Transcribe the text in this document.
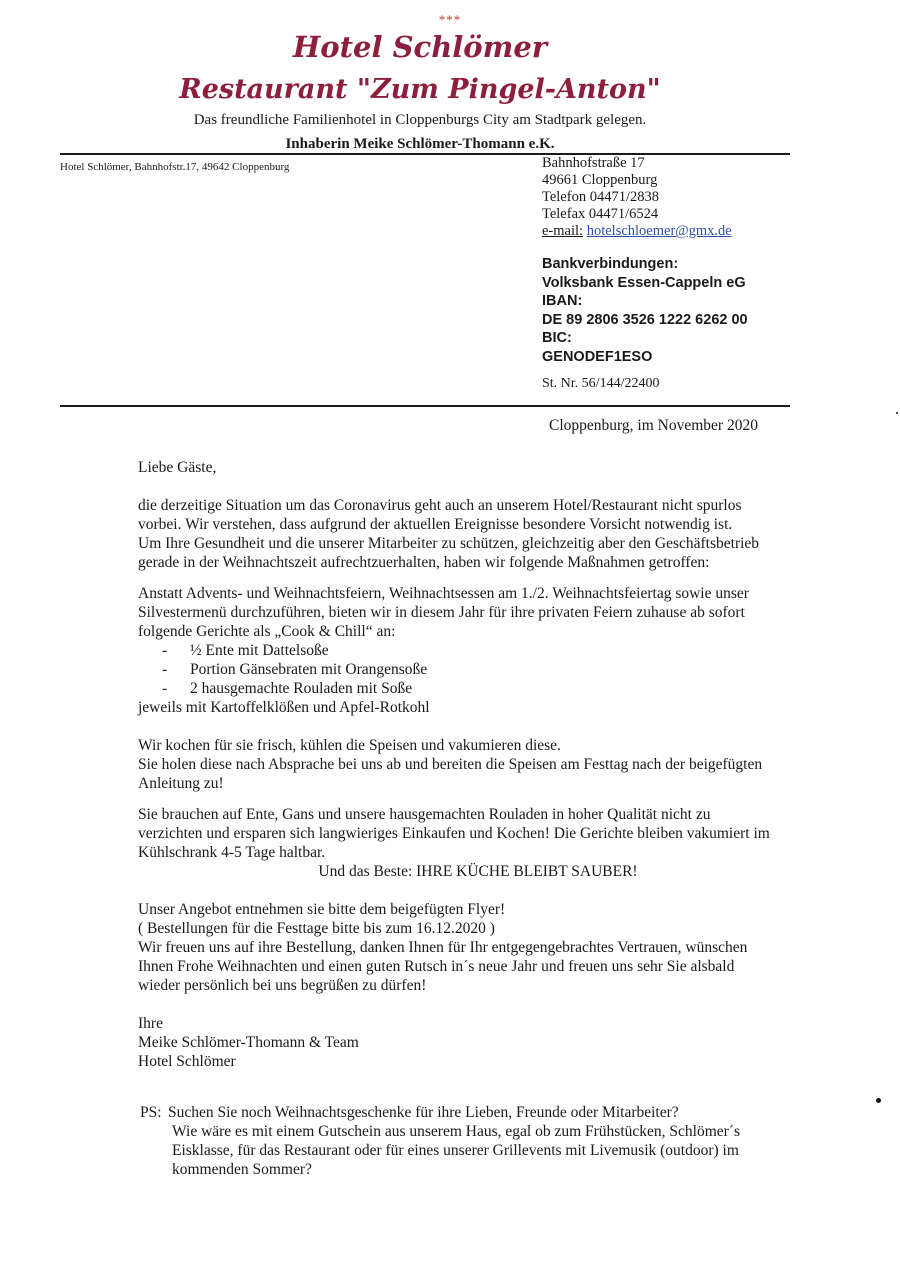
***
Hotel Schlömer
Restaurant "Zum Pingel-Anton"
Das freundliche Familienhotel in Cloppenburgs City am Stadtpark gelegen.
Inhaberin Meike Schlömer-Thomann e.K.
Hotel Schlömer, Bahnhofstr.17, 49642 Cloppenburg	Bahnhofstraße 17
49661 Cloppenburg
Telefon 04471/2838
Telefax 04471/6524
e-mail: hotelschloemer@gmx.de
Bankverbindungen:
Volksbank Essen-Cappeln eG
IBAN:
DE 89 2806 3526 1222 6262 00
BIC:
GENODEF1ESO
St. Nr. 56/144/22400
Cloppenburg, im November 2020

Liebe Gäste,

die derzeitige Situation um das Coronavirus geht auch an unserem Hotel/Restaurant nicht spurlos

vorbei. Wir verstehen, dass aufgrund der aktuellen Ereignisse besondere Vorsicht notwendig ist.

Um Ihre Gesundheit und die unserer Mitarbeiter zu schützen, gleichzeitig aber den Geschäftsbetrieb

gerade in der Weihnachtszeit aufrechtzuerhalten, haben wir folgende Maßnahmen getroffen:

Anstatt Advents- und Weihnachtsfeiern, Weihnachtsessen am 1./2. Weihnachtsfeiertag sowie unser

Silvestermenü durchzuführen, bieten wir in diesem Jahr für ihre privaten Feiern zuhause ab sofort

folgende Gerichte als „Cook & Chill“ an:

- ½ Ente mit Dattelsoße
- Portion Gänsebraten mit Orangensoße
- 2 hausgemachte Rouladen mit Soße

jeweils mit Kartoffelklößen und Apfel-Rotkohl

Wir kochen für sie frisch, kühlen die Speisen und vakumieren diese.

Sie holen diese nach Absprache bei uns ab und bereiten die Speisen am Festtag nach der beigefügten

Anleitung zu!

Sie brauchen auf Ente, Gans und unsere hausgemachten Rouladen in hoher Qualität nicht zu

verzichten und ersparen sich langwieriges Einkaufen und Kochen! Die Gerichte bleiben vakumiert im

Kühlschrank 4-5 Tage haltbar.

Und das Beste: IHRE KÜCHE BLEIBT SAUBER!

Unser Angebot entnehmen sie bitte dem beigefügten Flyer!

( Bestellungen für die Festtage bitte bis zum 16.12.2020 )

Wir freuen uns auf ihre Bestellung, danken Ihnen für Ihr entgegengebrachtes Vertrauen, wünschen

Ihnen Frohe Weihnachten und einen guten Rutsch in´s neue Jahr und freuen uns sehr Sie alsbald

wieder persönlich bei uns begrüßen zu dürfen!

Ihre

Meike Schlömer-Thomann & Team

Hotel Schlömer

PS: Suchen Sie noch Weihnachtsgeschenke für ihre Lieben, Freunde oder Mitarbeiter?
Wie wäre es mit einem Gutschein aus unserem Haus, egal ob zum Frühstücken, Schlömer´s
Eisklasse, für das Restaurant oder für eines unserer Grillevents mit Livemusik (outdoor) im
kommenden Sommer?
